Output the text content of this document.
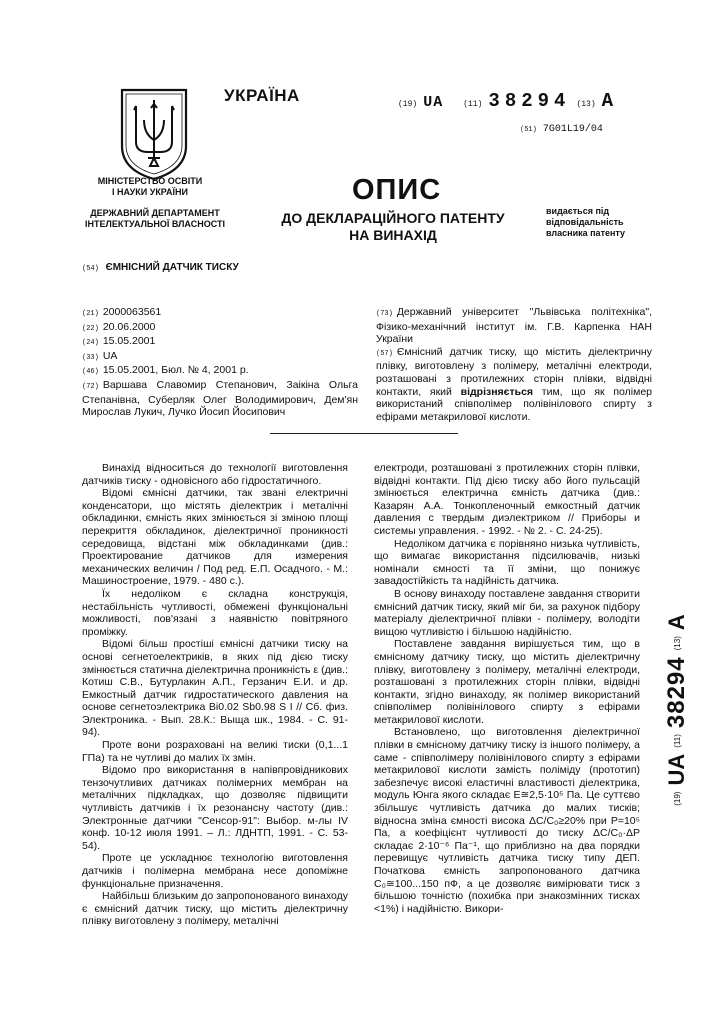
УКРАЇНА
МІНІСТЕРСТВО ОСВІТИ І НАУКИ УКРАЇНИ
ДЕРЖАВНИЙ ДЕПАРТАМЕНТ ІНТЕЛЕКТУАЛЬНОЇ ВЛАСНОСТІ
(19) UA	(11) 38294 (13) A
(51) 7G01L19/04
ОПИС
ДО ДЕКЛАРАЦІЙНОГО ПАТЕНТУ НА ВИНАХІД
видається під відповідальність власника патенту
(54) ЄМНІСНИЙ ДАТЧИК ТИСКУ
(21) 2000063561
(22) 20.06.2000
(24) 15.05.2001
(33) UA
(46) 15.05.2001, Бюл. № 4, 2001 р.
(72) Варшава Славомир Степанович, Заікіна Ольга Степанівна, Суберляк Олег Володимирович, Дем'ян Мирослав Лукич, Лучко Йосип Йосипович
(73) Державний університет "Львівська політехніка", Фізико-механічний інститут ім. Г.В. Карпенка НАН України
(57) Ємнісний датчик тиску, що містить діелектричну плівку, виготовлену з полімеру, металічні електроди, розташовані з протилежних сторін плівки, відвідні контакти, який відрізняється тим, що як полімер використаний співполімер полівінілового спирту з ефірами метакрилової кислоти.

Винахід відноситься до технології виготовлення датчиків тиску - одновісного або гідростатичного.

Відомі ємнісні датчики, так звані електричні конденсатори, що містять діелектрик і металічні обкладинки, ємність яких змінюється зі зміною площі перекриття обкладинок, діелектричної проникності середовища, відстані між обкладинками (див.: Проектирование датчиков для измерения механических величин / Под ред. Е.П. Осадчого. - М.: Машиностроение, 1979. - 480 с.).

Їх недоліком є складна конструкція, нестабільність чутливості, обмежені функціональні можливості, пов'язані з наявністю повітряного проміжку.

Відомі більш простіші ємнісні датчики тиску на основі сегнетоелектриків, в яких під дією тиску змінюється статична діелектрична проникність ε (див.: Котиш С.В., Бутурлакин А.П., Герзанич Е.И. и др. Емкостный датчик гидростатического давления на основе сегнетоэлектрика Bi0.02 Sb0.98 S I // Сб. физ. Электроника. - Вып. 28.К.: Выща шк., 1984. - С. 91-94).

Проте вони розраховані на великі тиски (0,1...1 ГПа) та не чутливі до малих їх змін.

Відомо про використання в напівпровідникових тензочутливих датчиках полімерних мембран на металічних підкладках, що дозволяє підвищити чутливість датчиків і їх резонансну частоту (див.: Электронные датчики "Сенсор-91": Выбор. м-лы IV конф. 10-12 июля 1991. – Л.: ЛДНТП, 1991. - С. 53-54).

Проте це ускладнює технологію виготовлення датчиків і полімерна мембрана несе допоміжне функціональне призначення.

Найбільш близьким до запропонованого винаходу є ємнісний датчик тиску, що містить діелектричну плівку виготовлену з полімеру, металічні

електроди, розташовані з протилежних сторін плівки, відвідні контакти. Під дією тиску або його пульсацій змінюється електрична ємність датчика (див.: Казарян А.А. Тонкопленочный емкостный датчик давления с твердым диэлектриком // Приборы и системы управления. - 1992. - № 2. - С. 24-25).

Недоліком датчика є порівняно низька чутливість, що вимагає використання підсилювачів, низькі номінали ємності та її зміни, що понижує завадостійкість та надійність датчика.

В основу винаходу поставлене завдання створити ємнісний датчик тиску, який міг би, за рахунок підбору матеріалу діелектричної плівки - полімеру, володіти вищою чутливістю і більшою надійністю.

Поставлене завдання вирішується тим, що в ємнісному датчику тиску, що містить діелектричну плівку, виготовлену з полімеру, металічні електроди, розташовані з протилежних сторін плівки, відвідні контакти, згідно винаходу, як полімер використаний співполімер полівінілового спирту з ефірами метакрилової кислоти.

Встановлено, що виготовлення діелектричної плівки в ємнісному датчику тиску із іншого полімеру, а саме - співполімеру полівінілового спирту з ефірами метакрилової кислоти замість поліміду (прототип) забезпечує високі еластичні властивості діелектрика, модуль Юнга якого складає E≅2,5·10⁵ Па. Це суттєво збільшує чутливість датчика до малих тисків; відносна зміна ємності висока ΔC/C₀≥20% при P=10⁵ Па, а коефіцієнт чутливості до тиску ΔC/C₀·ΔP складає 2·10⁻⁶ Па⁻¹, що приблизно на два порядки перевищує чутливість датчика тиску типу ДЕП. Початкова ємність запропонованого датчика C₀≅100...150 пФ, а це дозволяє вимірювати тиск з більшою точністю (похибка при знакозмінних тисках <1%) і надійністю. Викори-

(19)
UA
(11)
38294
(13)
A
